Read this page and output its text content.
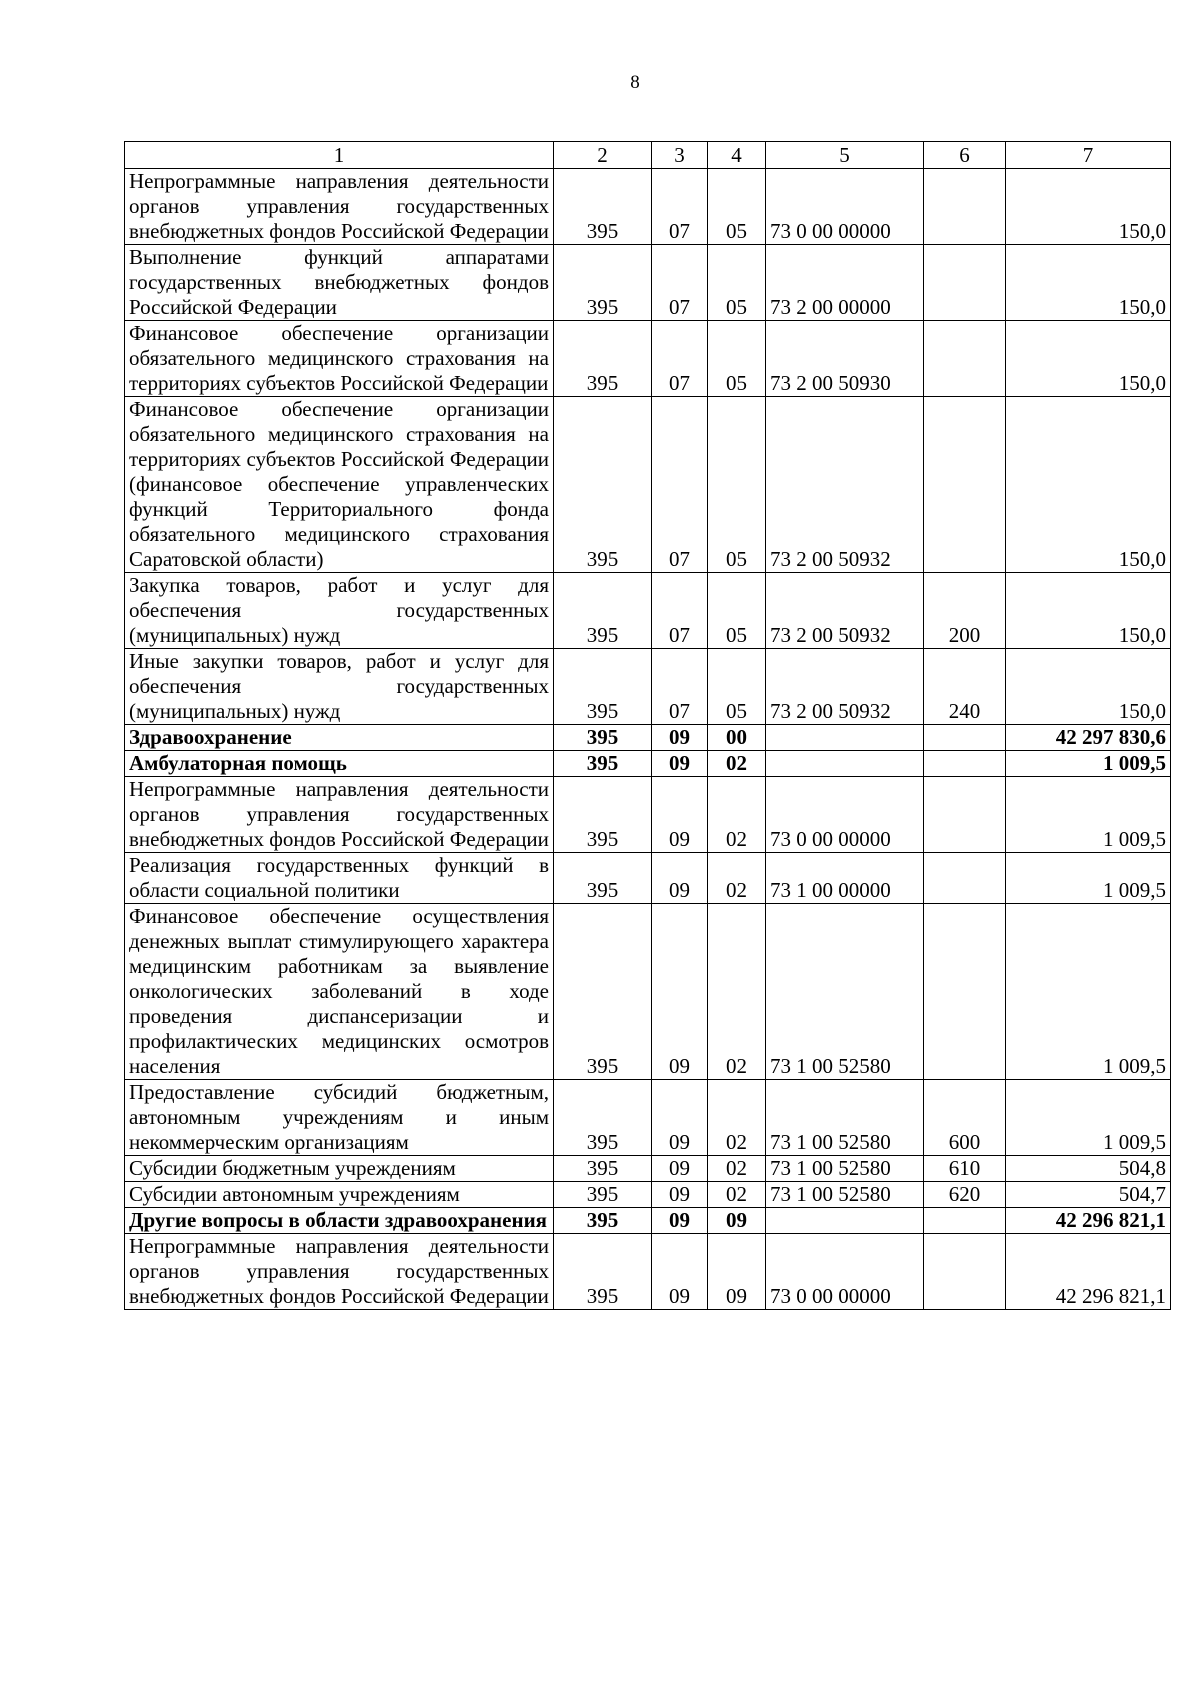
8
1	2	3	4	5	6	7
Непрограммные направления деятельности органов управления государственных внебюджетных фондов Российской Федерации	395	07	05	73 0 00 00000		150,0
Выполнение функций аппаратами государственных внебюджетных фондов Российской Федерации	395	07	05	73 2 00 00000		150,0
Финансовое обеспечение организации обязательного медицинского страхования на территориях субъектов Российской Федерации	395	07	05	73 2 00 50930		150,0
Финансовое обеспечение организации обязательного медицинского страхования на территориях субъектов Российской Федерации (финансовое обеспечение управленческих функций Территориального фонда обязательного медицинского страхования Саратовской области)	395	07	05	73 2 00 50932		150,0
Закупка товаров, работ и услуг для обеспечения государственных (муниципальных) нужд	395	07	05	73 2 00 50932	200	150,0
Иные закупки товаров, работ и услуг для обеспечения государственных (муниципальных) нужд	395	07	05	73 2 00 50932	240	150,0
Здравоохранение	395	09	00			42 297 830,6
Амбулаторная помощь	395	09	02			1 009,5
Непрограммные направления деятельности органов управления государственных внебюджетных фондов Российской Федерации	395	09	02	73 0 00 00000		1 009,5
Реализация государственных функций в области социальной политики	395	09	02	73 1 00 00000		1 009,5
Финансовое обеспечение осуществления денежных выплат стимулирующего характера медицинским работникам за выявление онкологических заболеваний в ходе проведения диспансеризации и профилактических медицинских осмотров населения	395	09	02	73 1 00 52580		1 009,5
Предоставление субсидий бюджетным, автономным учреждениям и иным некоммерческим организациям	395	09	02	73 1 00 52580	600	1 009,5
Субсидии бюджетным учреждениям	395	09	02	73 1 00 52580	610	504,8
Субсидии автономным учреждениям	395	09	02	73 1 00 52580	620	504,7
Другие вопросы в области здравоохранения	395	09	09			42 296 821,1
Непрограммные направления деятельности органов управления государственных внебюджетных фондов Российской Федерации	395	09	09	73 0 00 00000		42 296 821,1
